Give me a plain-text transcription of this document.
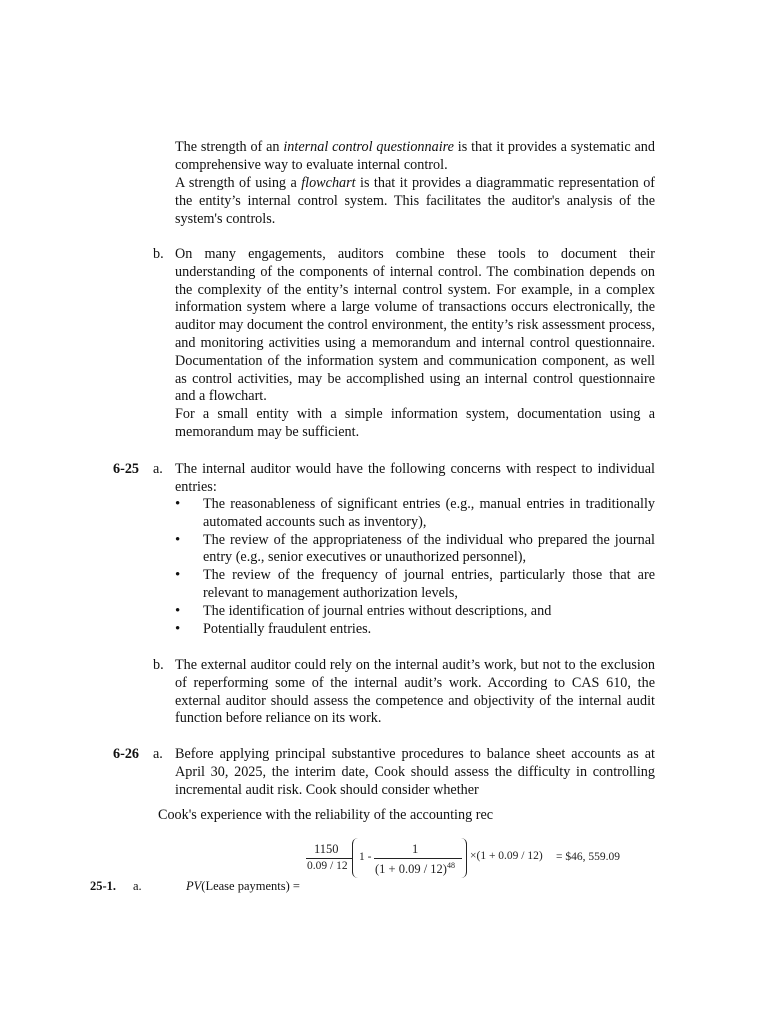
The strength of an internal control questionnaire is that it provides a systematic and comprehensive way to evaluate internal control.
A strength of using a flowchart is that it provides a diagrammatic representation of the entity’s internal control system. This facilitates the auditor's analysis of the system's controls.
b. On many engagements, auditors combine these tools to document their understanding of the components of internal control. The combination depends on the complexity of the entity’s internal control system. For example, in a complex information system where a large volume of transactions occurs electronically, the auditor may document the control environment, the entity’s risk assessment process, and monitoring activities using a memorandum and internal control questionnaire. Documentation of the information system and communication component, as well as control activities, may be accomplished using an internal control questionnaire and a flowchart.
For a small entity with a simple information system, documentation using a memorandum may be sufficient.
6-25 a. The internal auditor would have the following concerns with respect to individual entries:
• The reasonableness of significant entries (e.g., manual entries in traditionally automated accounts such as inventory),
• The review of the appropriateness of the individual who prepared the journal entry (e.g., senior executives or unauthorized personnel),
• The review of the frequency of journal entries, particularly those that are relevant to management authorization levels,
• The identification of journal entries without descriptions, and
• Potentially fraudulent entries.
b. The external auditor could rely on the internal audit’s work, but not to the exclusion of reperforming some of the internal audit’s work. According to CAS 610, the external auditor should assess the competence and objectivity of the internal audit function before reliance on its work.
6-26 a. Before applying principal substantive procedures to balance sheet accounts as at April 30, 2025, the interim date, Cook should assess the difficulty in controlling incremental audit risk. Cook should consider whether
Cook's experience with the reliability of the accounting rec
25-1. a.	PV(Lease payments) =
1150
0.09 / 12
1 -
1
$(1 + 0.09 / 12)^{48}$
×(1 + 0.09 / 12) = $46, 559.09
